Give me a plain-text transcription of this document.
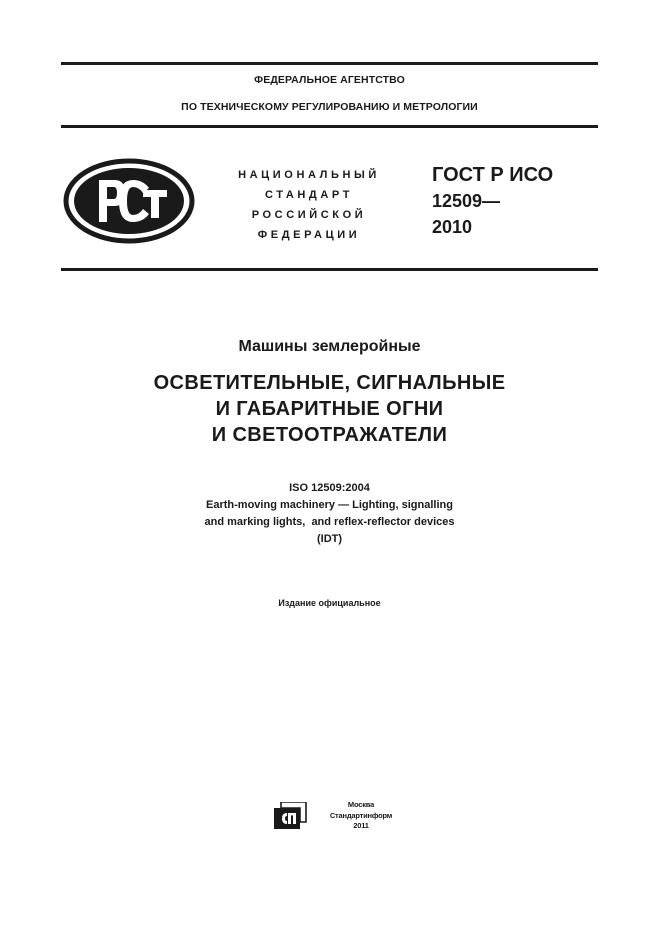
ФЕДЕРАЛЬНОЕ АГЕНТСТВО
ПО ТЕХНИЧЕСКОМУ РЕГУЛИРОВАНИЮ И МЕТРОЛОГИИ
НАЦИОНАЛЬНЫЙ
СТАНДАРТ
РОССИЙСКОЙ
ФЕДЕРАЦИИ
ГОСТ Р ИСО
12509—
2010
Машины землеройные
ОСВЕТИТЕЛЬНЫЕ, СИГНАЛЬНЫЕ
И ГАБАРИТНЫЕ ОГНИ
И СВЕТООТРАЖАТЕЛИ
ISO 12509:2004
Earth-moving machinery — Lighting, signalling
and marking lights,  and reflex-reflector devices
(IDT)
Издание официальное
Москва
Стандартинформ
2011
